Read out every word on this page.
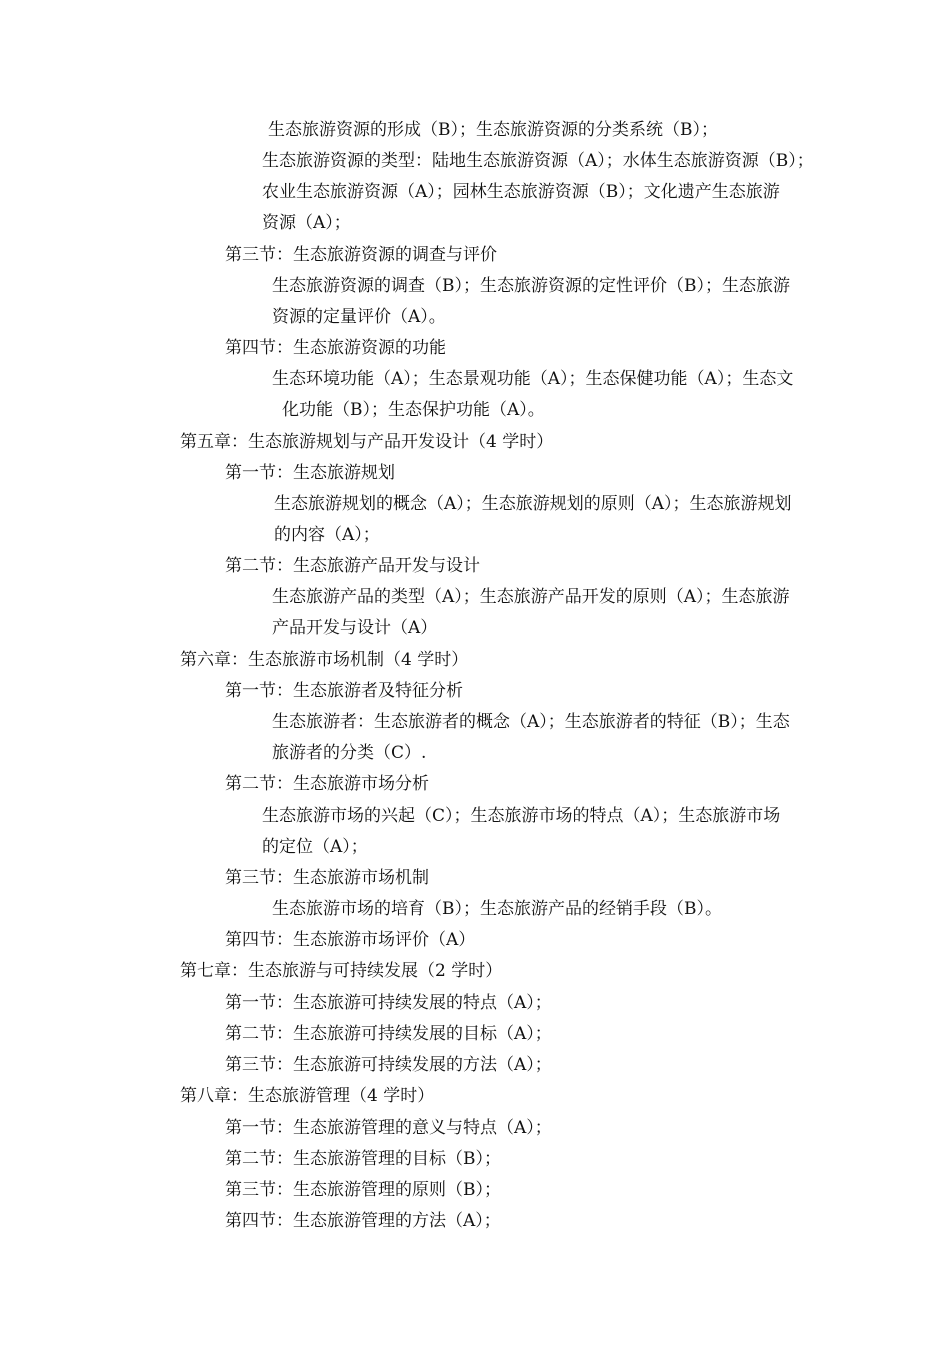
生态旅游资源的形成（B）；生态旅游资源的分类系统（B）；
生态旅游资源的类型：陆地生态旅游资源（A）；水体生态旅游资源（B）；
农业生态旅游资源（A）；园林生态旅游资源（B）；文化遗产生态旅游
资源（A）；
第三节：生态旅游资源的调查与评价
生态旅游资源的调查（B）；生态旅游资源的定性评价（B）；生态旅游
资源的定量评价（A）。
第四节：生态旅游资源的功能
生态环境功能（A）；生态景观功能（A）；生态保健功能（A）；生态文
化功能（B）；生态保护功能（A）。
第五章：生态旅游规划与产品开发设计（4 学时）
第一节：生态旅游规划
生态旅游规划的概念（A）；生态旅游规划的原则（A）；生态旅游规划
的内容（A）；
第二节：生态旅游产品开发与设计
生态旅游产品的类型（A）；生态旅游产品开发的原则（A）；生态旅游
产品开发与设计（A）
第六章：生态旅游市场机制（4 学时）
第一节：生态旅游者及特征分析
生态旅游者：生态旅游者的概念（A）；生态旅游者的特征（B）；生态
旅游者的分类（C）.
第二节：生态旅游市场分析
生态旅游市场的兴起（C）；生态旅游市场的特点（A）；生态旅游市场
的定位（A）；
第三节：生态旅游市场机制
生态旅游市场的培育（B）；生态旅游产品的经销手段（B）。
第四节：生态旅游市场评价（A）
第七章：生态旅游与可持续发展（2 学时）
第一节：生态旅游可持续发展的特点（A）；
第二节：生态旅游可持续发展的目标（A）；
第三节：生态旅游可持续发展的方法（A）；
第八章：生态旅游管理（4 学时）
第一节：生态旅游管理的意义与特点（A）；
第二节：生态旅游管理的目标（B）；
第三节：生态旅游管理的原则（B）；
第四节：生态旅游管理的方法（A）；
